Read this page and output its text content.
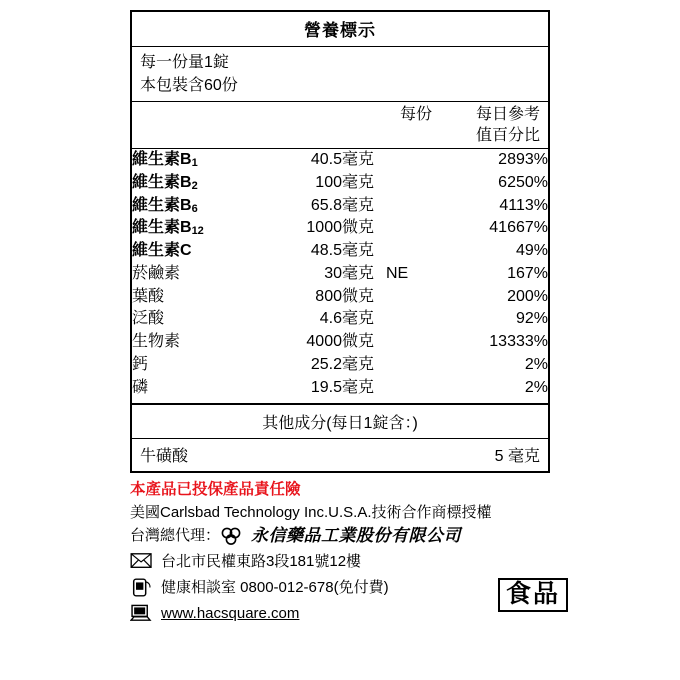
營養標示
每一份量1錠
本包裝含60份
每份	每日參考
值百分比
維生素$B_1$	40.5	毫克		2893%
維生素$B_2$	100	毫克		6250%
維生素$B_6$	65.8	毫克		4113%
維生素$B_{12}$	1000	微克		41667%
維生素C	48.5	毫克		49%
菸鹼素	30	毫克	NE	167%
葉酸	800	微克		200%
泛酸	4.6	毫克		92%
生物素	4000	微克		13333%
鈣	25.2	毫克		2%
磷	19.5	毫克		2%
其他成分(每日1錠含：)
牛磺酸	5 毫克
本產品已投保產品責任險
美國Carlsbad Technology Inc.U.S.A.技術合作商標授權
台灣總代理： 永信藥品工業股份有限公司
台北市民權東路3段181號12樓
健康相談室 0800-012-678(免付費)
www.hacsquare.com
食品
